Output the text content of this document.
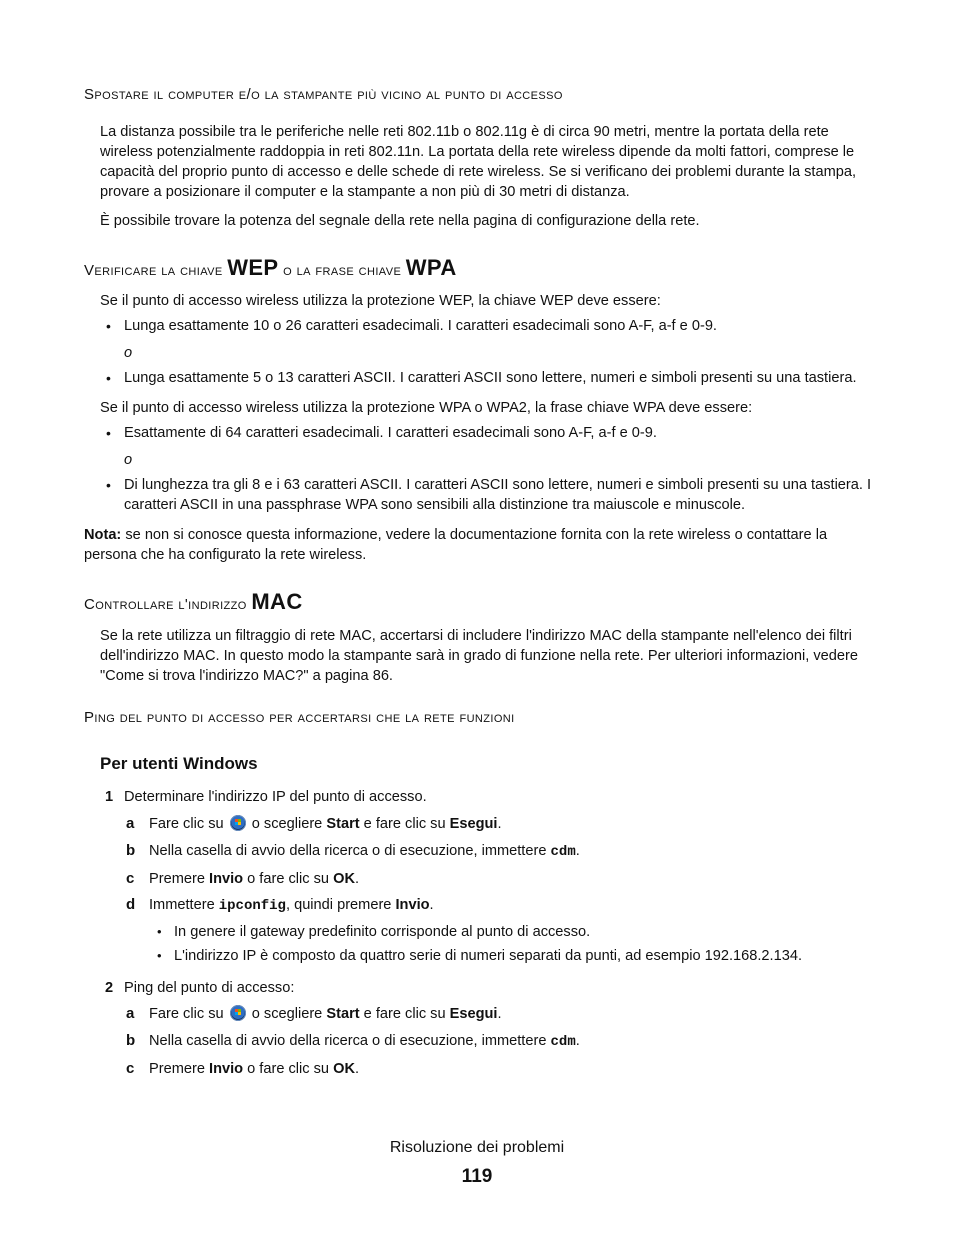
Spostare il computer e/o la stampante più vicino al punto di accesso
La distanza possibile tra le periferiche nelle reti 802.11b o 802.11g è di circa 90 metri, mentre la portata della rete wireless potenzialmente raddoppia in reti 802.11n. La portata della rete wireless dipende da molti fattori, comprese le capacità del proprio punto di accesso e delle schede di rete wireless. Se si verificano dei problemi durante la stampa, provare a posizionare il computer e la stampante a non più di 30 metri di distanza.
È possibile trovare la potenza del segnale della rete nella pagina di configurazione della rete.
Verificare la chiave WEP o la frase chiave WPA
Se il punto di accesso wireless utilizza la protezione WEP, la chiave WEP deve essere:
• Lunga esattamente 10 o 26 caratteri esadecimali. I caratteri esadecimali sono A-F, a-f e 0-9.
o
• Lunga esattamente 5 o 13 caratteri ASCII. I caratteri ASCII sono lettere, numeri e simboli presenti su una tastiera.
Se il punto di accesso wireless utilizza la protezione WPA o WPA2, la frase chiave WPA deve essere:
• Esattamente di 64 caratteri esadecimali. I caratteri esadecimali sono A-F, a-f e 0-9.
o
• Di lunghezza tra gli 8 e i 63 caratteri ASCII. I caratteri ASCII sono lettere, numeri e simboli presenti su una tastiera. I caratteri ASCII in una passphrase WPA sono sensibili alla distinzione tra maiuscole e minuscole.
Nota: se non si conosce questa informazione, vedere la documentazione fornita con la rete wireless o contattare la persona che ha configurato la rete wireless.
Controllare l'indirizzo MAC
Se la rete utilizza un filtraggio di rete MAC, accertarsi di includere l'indirizzo MAC della stampante nell'elenco dei filtri dell'indirizzo MAC. In questo modo la stampante sarà in grado di funzione nella rete. Per ulteriori informazioni, vedere "Come si trova l'indirizzo MAC?" a pagina 86.
Ping del punto di accesso per accertarsi che la rete funzioni
Per utenti Windows
1 Determinare l'indirizzo IP del punto di accesso.
a Fare clic su  o scegliere Start e fare clic su Esegui.
b Nella casella di avvio della ricerca o di esecuzione, immettere cdm.
c Premere Invio o fare clic su OK.
d Immettere ipconfig, quindi premere Invio.
• In genere il gateway predefinito corrisponde al punto di accesso.
• L'indirizzo IP è composto da quattro serie di numeri separati da punti, ad esempio 192.168.2.134.
2 Ping del punto di accesso:
a Fare clic su  o scegliere Start e fare clic su Esegui.
b Nella casella di avvio della ricerca o di esecuzione, immettere cdm.
c Premere Invio o fare clic su OK.
Risoluzione dei problemi
119
